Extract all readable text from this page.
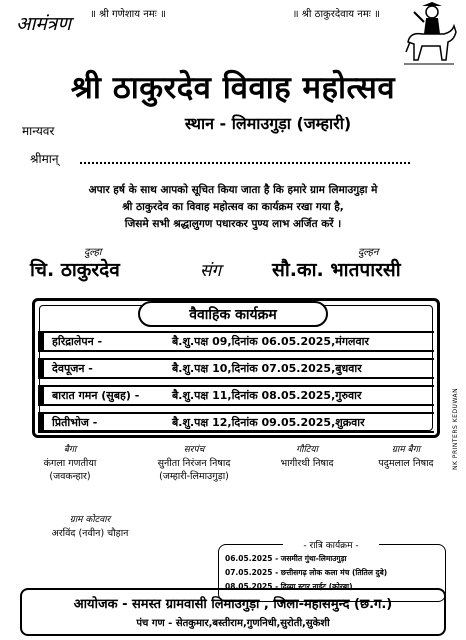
॥ श्री गणेशाय नमः ॥	॥ श्री ठाकुरदेवाय नमः ॥
आमंत्रण
श्री ठाकुरदेव विवाह महोत्सव
स्थान - लिमाउगुड़ा (जम्हारी)
मान्यवर
श्रीमान्
अपार हर्ष के साथ आपको सूचित किया जाता है कि हमारे ग्राम लिमाउगुड़ा मे
श्री ठाकुरदेव का विवाह महोत्सव का कार्यक्रम रखा गया है,
जिसमे सभी श्रद्धालुगण पधारकर पुण्य लाभ अर्जित करें ।
दुल्हा	दुल्हन
चि. ठाकुरदेव	संग	सौ.का. भातपारसी
वैवाहिक कार्यक्रम
हरिद्रालेपन -	बै.शु.पक्ष 09,दिनांक 06.05.2025,मंगलवार
देवपूजन -	बै.शु.पक्ष 10,दिनांक 07.05.2025,बुधवार
बारात गमन (सुबह) -	बै.शु.पक्ष 11,दिनांक 08.05.2025,गुरुवार
प्रितीभोज -	बै.शु.पक्ष 12,दिनांक 09.05.2025,शुक्रवार	NK PRINTERS KEDUWAN
बैगा
कंगला गणतीया
(जवकन्हार)
सरपंच
सुनीता निरंजन निषाद
(जम्हारी-लिमाउगुड़ा)
गौटिया
भागीरथी निषाद
ग्राम बैगा
पदुमलाल निषाद
ग्राम कोटवार
अरविंद (नवीन) चौहान
- रात्रि कार्यक्रम -
06.05.2025 - जसमीत गुंथा-लिमाउगुड़ा
07.05.2025 - छत्तीसगढ़ लोक कला मंच (तितिल दुबे)
08.05.2025 - दिव्या स्टार नाईट (कोरबा)
आयोजक - समस्त ग्रामवासी लिमाउगुड़ा , जिला-महासमुन्द (छ.ग.)
पंच गण - सेतकुमार,बस्तीराम,गुणनिधी,सुरोती,सुकेशी
